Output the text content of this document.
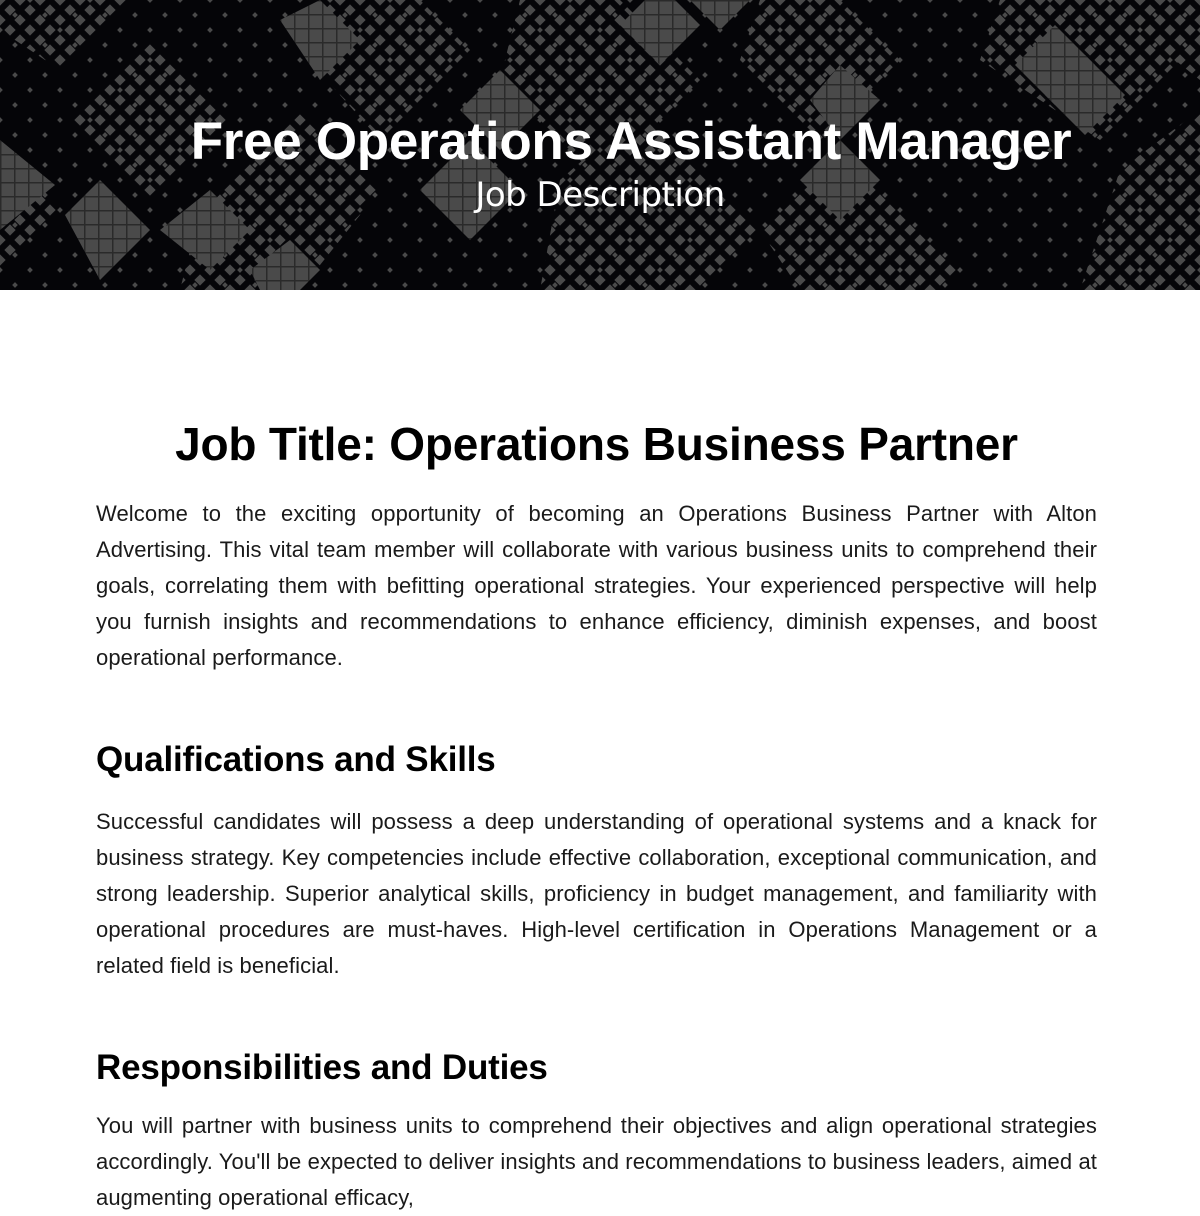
Free Operations Assistant Manager
Job Description
Job Title: Operations Business Partner

Welcome to the exciting opportunity of becoming an Operations Business Partner with Alton Advertising. This vital team member will collaborate with various business units to comprehend their goals, correlating them with befitting operational strategies. Your experienced perspective will help you furnish insights and recommendations to enhance efficiency, diminish expenses, and boost operational performance.

Qualifications and Skills

Successful candidates will possess a deep understanding of operational systems and a knack for business strategy. Key competencies include effective collaboration, exceptional communication, and strong leadership. Superior analytical skills, proficiency in budget management, and familiarity with operational procedures are must-haves. High-level certification in Operations Management or a related field is beneficial.

Responsibilities and Duties

You will partner with business units to comprehend their objectives and align operational strategies accordingly. You'll be expected to deliver insights and recommendations to business leaders, aimed at augmenting operational efficacy,
